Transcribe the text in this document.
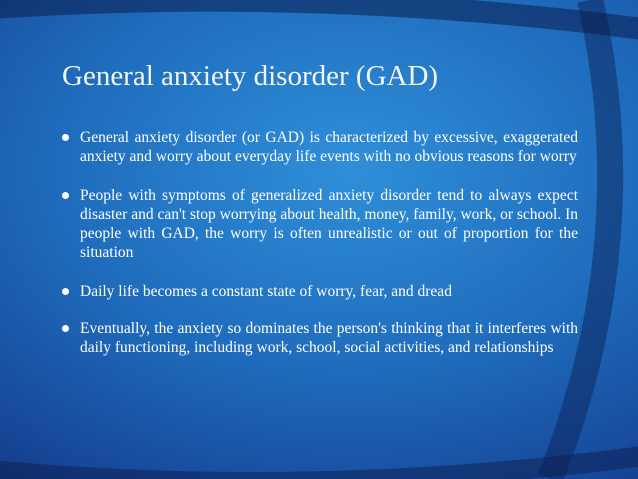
General anxiety disorder (GAD)
General anxiety disorder (or GAD) is characterized by excessive, exaggerated anxiety and worry about everyday life events with no obvious reasons for worry
People with symptoms of generalized anxiety disorder tend to always expect disaster and can't stop worrying about health, money, family, work, or school. In people with GAD, the worry is often unrealistic or out of proportion for the situation
Daily life becomes a constant state of worry, fear, and dread
Eventually, the anxiety so dominates the person's thinking that it interferes with daily functioning, including work, school, social activities, and relationships
